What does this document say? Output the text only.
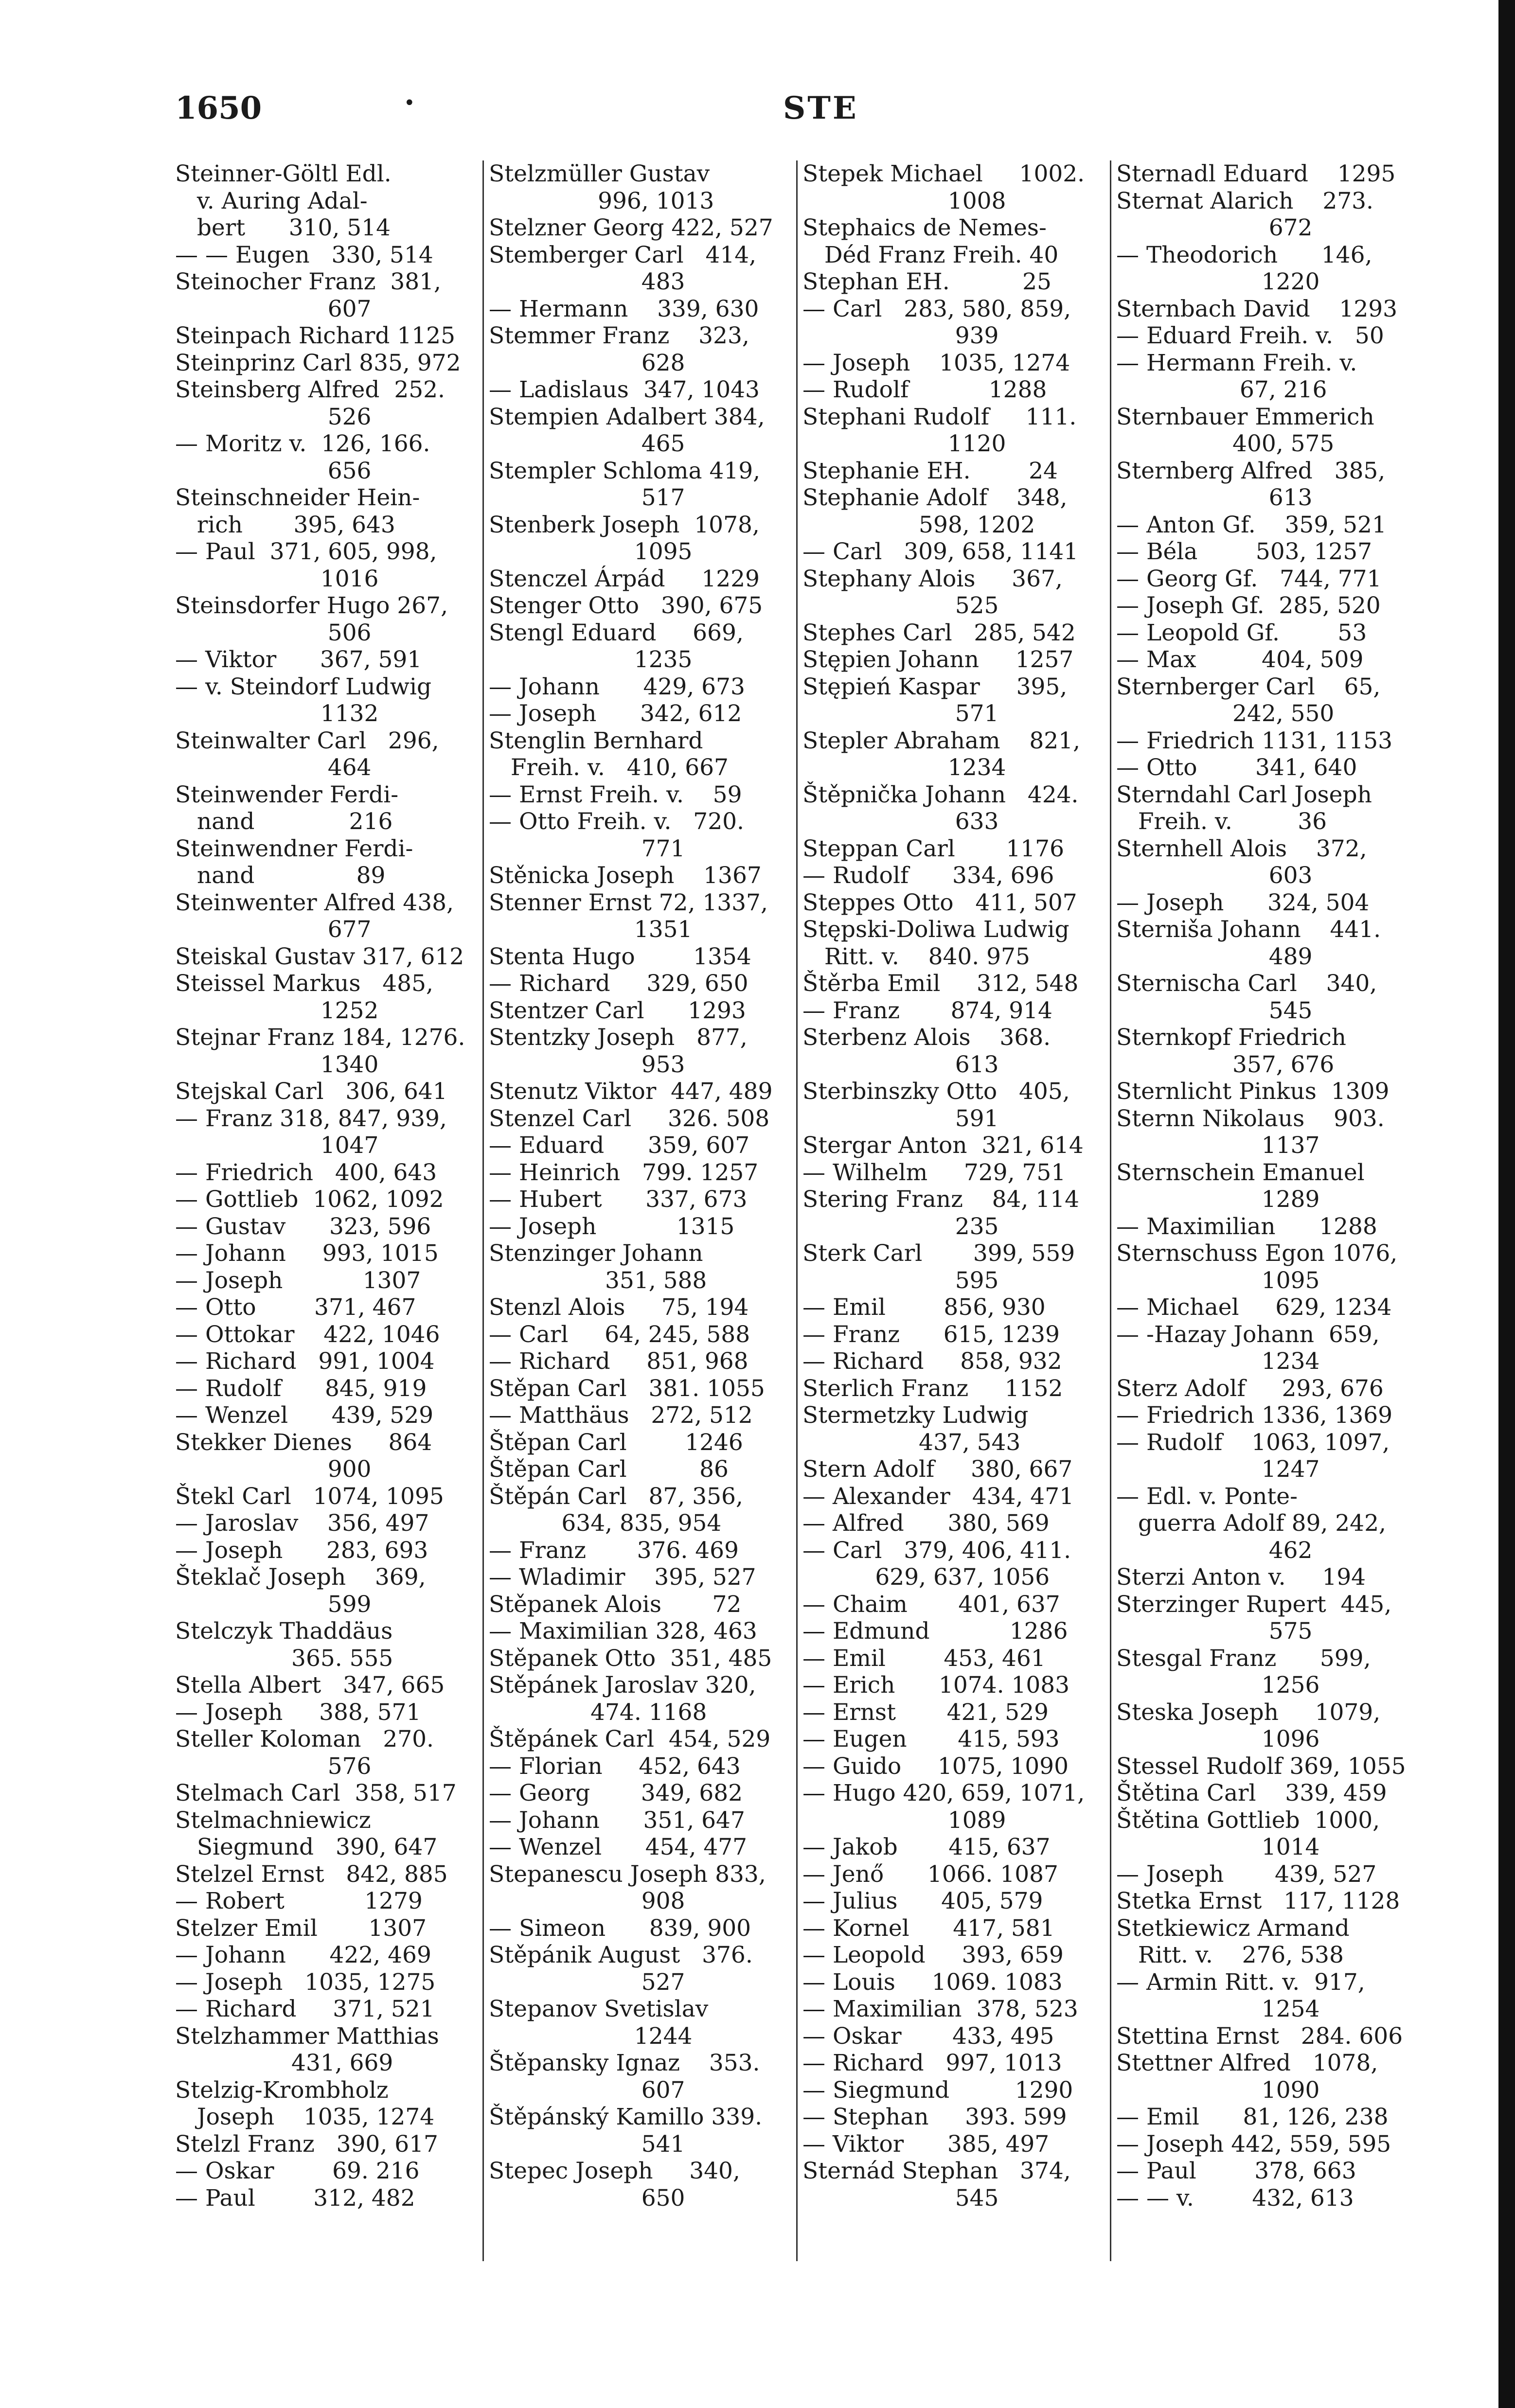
1650	•	STE
Steinner-Göltl Edl.
v. Auring Adal-
bert      310, 514
— — Eugen   330, 514
Steinocher Franz  381,
607
Steinpach Richard 1125
Steinprinz Carl 835, 972
Steinsberg Alfred  252.
526
— Moritz v.  126, 166.
656
Steinschneider Hein-
rich       395, 643
— Paul  371, 605, 998,
1016
Steinsdorfer Hugo 267,
506
— Viktor      367, 591
— v. Steindorf Ludwig
1132
Steinwalter Carl   296,
464
Steinwender Ferdi-
nand             216
Steinwendner Ferdi-
nand              89
Steinwenter Alfred 438,
677
Steiskal Gustav 317, 612
Steissel Markus   485,
1252
Stejnar Franz 184, 1276.
1340
Stejskal Carl   306, 641
— Franz 318, 847, 939,
1047
— Friedrich   400, 643
— Gottlieb  1062, 1092
— Gustav      323, 596
— Johann     993, 1015
— Joseph           1307
— Otto        371, 467
— Ottokar    422, 1046
— Richard   991, 1004
— Rudolf      845, 919
— Wenzel      439, 529
Stekker Dienes     864
900
Štekl Carl   1074, 1095
— Jaroslav    356, 497
— Joseph      283, 693
Šteklač Joseph    369,
599
Stelczyk Thaddäus
365. 555
Stella Albert   347, 665
— Joseph     388, 571
Steller Koloman   270.
576
Stelmach Carl  358, 517
Stelmachniewicz
Siegmund   390, 647
Stelzel Ernst   842, 885
— Robert           1279
Stelzer Emil       1307
— Johann      422, 469
— Joseph   1035, 1275
— Richard     371, 521
Stelzhammer Matthias
431, 669
Stelzig-Krombholz
Joseph    1035, 1274
Stelzl Franz   390, 617
— Oskar        69. 216
— Paul        312, 482
Stelzmüller Gustav
996, 1013
Stelzner Georg 422, 527
Stemberger Carl   414,
483
— Hermann    339, 630
Stemmer Franz    323,
628
— Ladislaus  347, 1043
Stempien Adalbert 384,
465
Stempler Schloma 419,
517
Stenberk Joseph  1078,
1095
Stenczel Árpád     1229
Stenger Otto   390, 675
Stengl Eduard     669,
1235
— Johann      429, 673
— Joseph      342, 612
Stenglin Bernhard
Freih. v.   410, 667
— Ernst Freih. v.    59
— Otto Freih. v.   720.
771
Stěnicka Joseph    1367
Stenner Ernst 72, 1337,
1351
Stenta Hugo        1354
— Richard     329, 650
Stentzer Carl      1293
Stentzky Joseph   877,
953
Stenutz Viktor  447, 489
Stenzel Carl     326. 508
— Eduard      359, 607
— Heinrich   799. 1257
— Hubert      337, 673
— Joseph           1315
Stenzinger Johann
351, 588
Stenzl Alois     75, 194
— Carl     64, 245, 588
— Richard     851, 968
Stěpan Carl   381. 1055
— Matthäus   272, 512
Štěpan Carl        1246
Štěpan Carl          86
Štěpán Carl   87, 356,
634, 835, 954
— Franz       376. 469
— Wladimir    395, 527
Stěpanek Alois       72
— Maximilian 328, 463
Stěpanek Otto  351, 485
Stěpánek Jaroslav 320,
474. 1168
Štěpánek Carl  454, 529
— Florian     452, 643
— Georg       349, 682
— Johann      351, 647
— Wenzel      454, 477
Stepanescu Joseph 833,
908
— Simeon      839, 900
Stěpánik August   376.
527
Stepanov Svetislav
1244
Štěpansky Ignaz    353.
607
Štěpánský Kamillo 339.
541
Stepec Joseph     340,
650
Stepek Michael     1002.
1008
Stephaics de Nemes-
Déd Franz Freih. 40
Stephan EH.          25
— Carl   283, 580, 859,
939
— Joseph    1035, 1274
— Rudolf           1288
Stephani Rudolf     111.
1120
Stephanie EH.        24
Stephanie Adolf    348,
598, 1202
— Carl   309, 658, 1141
Stephany Alois     367,
525
Stephes Carl   285, 542
Stępien Johann     1257
Stępień Kaspar     395,
571
Stepler Abraham    821,
1234
Štěpnička Johann   424.
633
Steppan Carl       1176
— Rudolf      334, 696
Steppes Otto   411, 507
Stępski-Doliwa Ludwig
Ritt. v.    840. 975
Štěrba Emil     312, 548
— Franz       874, 914
Sterbenz Alois    368.
613
Sterbinszky Otto   405,
591
Stergar Anton  321, 614
— Wilhelm     729, 751
Stering Franz    84, 114
235
Sterk Carl       399, 559
595
— Emil        856, 930
— Franz      615, 1239
— Richard     858, 932
Sterlich Franz     1152
Stermetzky Ludwig
437, 543
Stern Adolf     380, 667
— Alexander   434, 471
— Alfred      380, 569
— Carl   379, 406, 411.
629, 637, 1056
— Chaim       401, 637
— Edmund           1286
— Emil        453, 461
— Erich      1074. 1083
— Ernst       421, 529
— Eugen       415, 593
— Guido     1075, 1090
— Hugo 420, 659, 1071,
1089
— Jakob       415, 637
— Jenő      1066. 1087
— Julius      405, 579
— Kornel      417, 581
— Leopold     393, 659
— Louis     1069. 1083
— Maximilian  378, 523
— Oskar       433, 495
— Richard   997, 1013
— Siegmund         1290
— Stephan     393. 599
— Viktor      385, 497
Sternád Stephan   374,
545
Sternadl Eduard    1295
Sternat Alarich    273.
672
— Theodorich      146,
1220
Sternbach David    1293
— Eduard Freih. v.   50
— Hermann Freih. v.
67, 216
Sternbauer Emmerich
400, 575
Sternberg Alfred   385,
613
— Anton Gf.    359, 521
— Béla        503, 1257
— Georg Gf.   744, 771
— Joseph Gf.  285, 520
— Leopold Gf.        53
— Max         404, 509
Sternberger Carl    65,
242, 550
— Friedrich 1131, 1153
— Otto        341, 640
Sterndahl Carl Joseph
Freih. v.         36
Sternhell Alois    372,
603
— Joseph      324, 504
Sterniša Johann    441.
489
Sternischa Carl    340,
545
Sternkopf Friedrich
357, 676
Sternlicht Pinkus  1309
Sternn Nikolaus    903.
1137
Sternschein Emanuel
1289
— Maximilian      1288
Sternschuss Egon 1076,
1095
— Michael     629, 1234
— -Hazay Johann  659,
1234
Sterz Adolf     293, 676
— Friedrich 1336, 1369
— Rudolf    1063, 1097,
1247
— Edl. v. Ponte-
guerra Adolf 89, 242,
462
Sterzi Anton v.     194
Sterzinger Rupert  445,
575
Stesgal Franz      599,
1256
Steska Joseph     1079,
1096
Stessel Rudolf 369, 1055
Štětina Carl    339, 459
Štětina Gottlieb  1000,
1014
— Joseph       439, 527
Stetka Ernst   117, 1128
Stetkiewicz Armand
Ritt. v.    276, 538
— Armin Ritt. v.  917,
1254
Stettina Ernst   284. 606
Stettner Alfred   1078,
1090
— Emil      81, 126, 238
— Joseph 442, 559, 595
— Paul        378, 663
— — v.        432, 613
